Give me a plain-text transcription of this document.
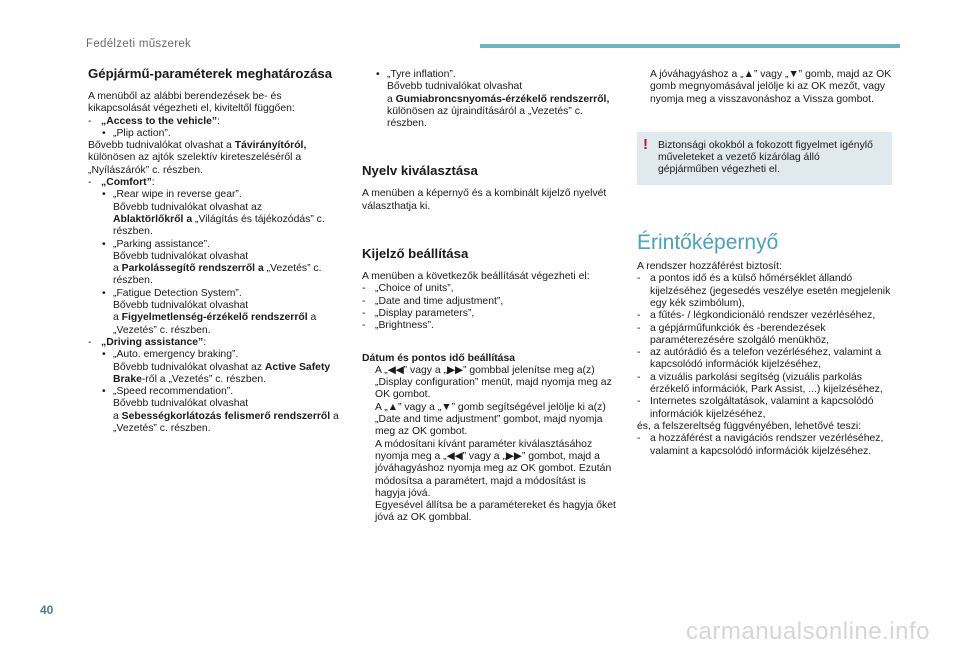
Fedélzeti műszerek
Gépjármű-paraméterek meghatározása

A menüből az alábbi berendezések be- és kikapcsolását végezheti el, kiviteltől függően:

- „Access to the vehicle”:
• „Plip action”.

Bővebb tudnivalókat olvashat a Távirányítóról, különösen az ajtók szelektív kireteszeléséről a „Nyílászárók” c. részben.

- „Comfort”:
• „Rear wipe in reverse gear”.
Bővebb tudnivalókat olvashat az
Ablaktörlőkről a „Világítás és tájékozódás” c. részben.
• „Parking assistance”.
Bővebb tudnivalókat olvashat
a Parkolássegítő rendszerről a „Vezetés” c. részben.
• „Fatigue Detection System”.
Bővebb tudnivalókat olvashat
a Figyelmetlenség-érzékelő rendszerről a „Vezetés” c. részben.
- „Driving assistance”:
• „Auto. emergency braking”.
Bővebb tudnivalókat olvashat az Active Safety Brake-ről a „Vezetés” c. részben.
• „Speed recommendation”.
Bővebb tudnivalókat olvashat
a Sebességkorlátozás felismerő rendszerről a „Vezetés” c. részben.
• „Tyre inflation”.
Bővebb tudnivalókat olvashat
a Gumiabroncsnyomás-érzékelő rendszerről, különösen az újraindításáról a „Vezetés” c. részben.
Nyelv kiválasztása

A menüben a képernyő és a kombinált kijelző nyelvét választhatja ki.

Kijelző beállítása

A menüben a következők beállítását végezheti el:

- „Choice of units”,
- „Date and time adjustment”,
- „Display parameters”,
- „Brightness”.
Dátum és pontos idő beállítása
A „◀◀” vagy a „▶▶” gombbal jelenítse meg a(z) „Display configuration” menüt, majd nyomja meg az OK gombot.
A „▲” vagy a „▼” gomb segítségével jelölje ki a(z) „Date and time adjustment” gombot, majd nyomja meg az OK gombot.
A módosítani kívánt paraméter kiválasztásához nyomja meg a „◀◀” vagy a „▶▶” gombot, majd a jóváhagyáshoz nyomja meg az OK gombot. Ezután módosítsa a paramétert, majd a módosítást is hagyja jóvá.
Egyesével állítsa be a paramétereket és hagyja őket jóvá az OK gombbal.
A jóváhagyáshoz a „▲” vagy „▼” gomb, majd az OK gomb megnyomásával jelölje ki az OK mezőt, vagy nyomja meg a visszavonáshoz a Vissza gombot.
! Biztonsági okokból a fokozott figyelmet igénylő műveleteket a vezető kizárólag álló gépjárműben végezheti el.
Érintőképernyő

A rendszer hozzáférést biztosít:

- a pontos idő és a külső hőmérséklet állandó kijelzéséhez (jegesedés veszélye esetén megjelenik egy kék szimbólum),
- a fűtés- / légkondicionáló rendszer vezérléséhez,
- a gépjárműfunkciók és -berendezések paraméterezésére szolgáló menükhöz,
- az autórádió és a telefon vezérléséhez, valamint a kapcsolódó információk kijelzéséhez,
- a vizuális parkolási segítség (vizuális parkolás érzékelő információk, Park Assist, ...) kijelzéséhez,
- Internetes szolgáltatások, valamint a kapcsolódó információk kijelzéséhez,

és, a felszereltség függvényében, lehetővé teszi:

- a hozzáférést a navigációs rendszer vezérléséhez, valamint a kapcsolódó információk kijelzéséhez.
40
carmanualsonline.info
